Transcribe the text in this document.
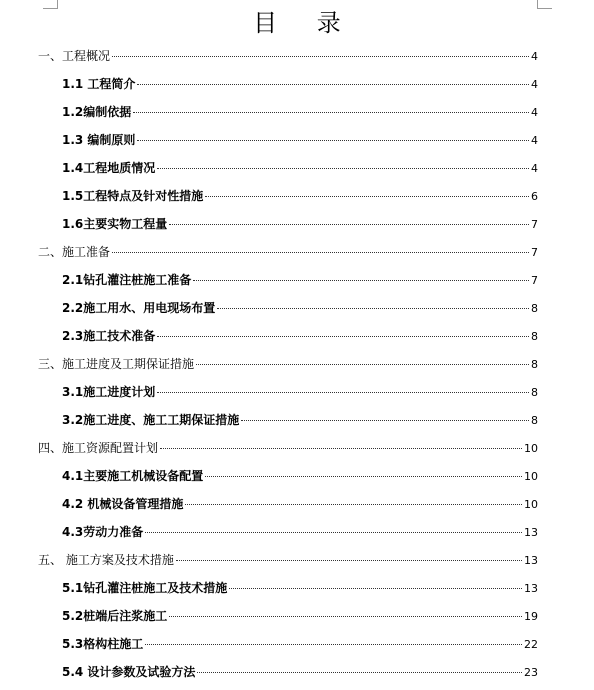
目 录
一、工程概况	4
1.1 工程简介	4
1.2编制依据	4
1.3 编制原则	4
1.4工程地质情况	4
1.5工程特点及针对性措施	6
1.6主要实物工程量	7
二、施工准备	7
2.1钻孔灌注桩施工准备	7
2.2施工用水、用电现场布置	8
2.3施工技术准备	8
三、施工进度及工期保证措施	8
3.1施工进度计划	8
3.2施工进度、施工工期保证措施	8
四、施工资源配置计划	10
4.1主要施工机械设备配置	10
4.2 机械设备管理措施	10
4.3劳动力准备	13
五、 施工方案及技术措施	13
5.1钻孔灌注桩施工及技术措施	13
5.2桩端后注浆施工	19
5.3格构柱施工	22
5.4 设计参数及试验方法	23
